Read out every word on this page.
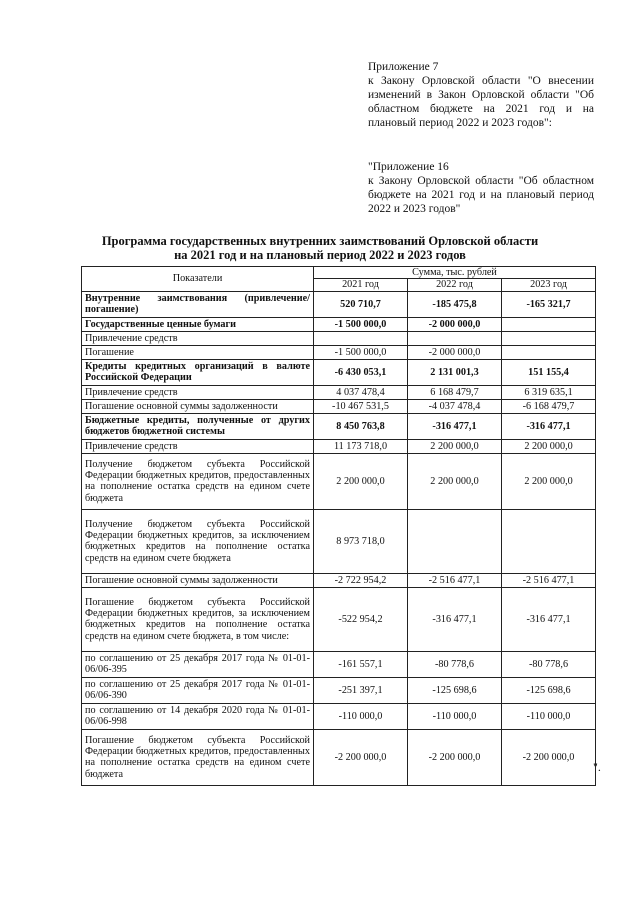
Приложение 7

к Закону Орловской области "О внесении изменений в Закон Орловской области "Об областном бюджете на 2021 год и на плановый период 2022 и 2023 годов":

"Приложение 16

к Закону Орловской области "Об областном бюджете на 2021 год и на плановый период 2022 и 2023 годов"

Программа государственных внутренних заимствований Орловской области
на 2021 год и на плановый период 2022 и 2023 годов
Показатели	Сумма, тыс. рублей		
	2021 год	2022 год	2023 год
Внутренние заимствования (привлечение/погашение)	520 710,7	-185 475,8	-165 321,7
Государственные ценные бумаги	-1 500 000,0	-2 000 000,0	
Привлечение средств			
Погашение	-1 500 000,0	-2 000 000,0	
Кредиты кредитных организаций в валюте Российской Федерации	-6 430 053,1	2 131 001,3	151 155,4
Привлечение средств	4 037 478,4	6 168 479,7	6 319 635,1
Погашение основной суммы задолженности	-10 467 531,5	-4 037 478,4	-6 168 479,7
Бюджетные кредиты, полученные от других бюджетов бюджетной системы	8 450 763,8	-316 477,1	-316 477,1
Привлечение средств	11 173 718,0	2 200 000,0	2 200 000,0
Получение бюджетом субъекта Российской Федерации бюджетных кредитов, предоставленных на пополнение остатка средств на едином счете бюджета	2 200 000,0	2 200 000,0	2 200 000,0
Получение бюджетом субъекта Российской Федерации бюджетных кредитов, за исключением бюджетных кредитов на пополнение остатка средств на едином счете бюджета	8 973 718,0		
Погашение основной суммы задолженности	-2 722 954,2	-2 516 477,1	-2 516 477,1
Погашение бюджетом субъекта Российской Федерации бюджетных кредитов, за исключением бюджетных кредитов на пополнение остатка средств на едином счете бюджета, в том числе:	-522 954,2	-316 477,1	-316 477,1
по соглашению от 25 декабря 2017 года № 01-01-06/06-395	-161 557,1	-80 778,6	-80 778,6
по соглашению от 25 декабря 2017 года № 01-01-06/06-390	-251 397,1	-125 698,6	-125 698,6
по соглашению от 14 декабря 2020 года № 01-01-06/06-998	-110 000,0	-110 000,0	-110 000,0
Погашение бюджетом субъекта Российской Федерации бюджетных кредитов, предоставленных на пополнение остатка средств на едином счете бюджета	-2 200 000,0	-2 200 000,0	-2 200 000,0
".
